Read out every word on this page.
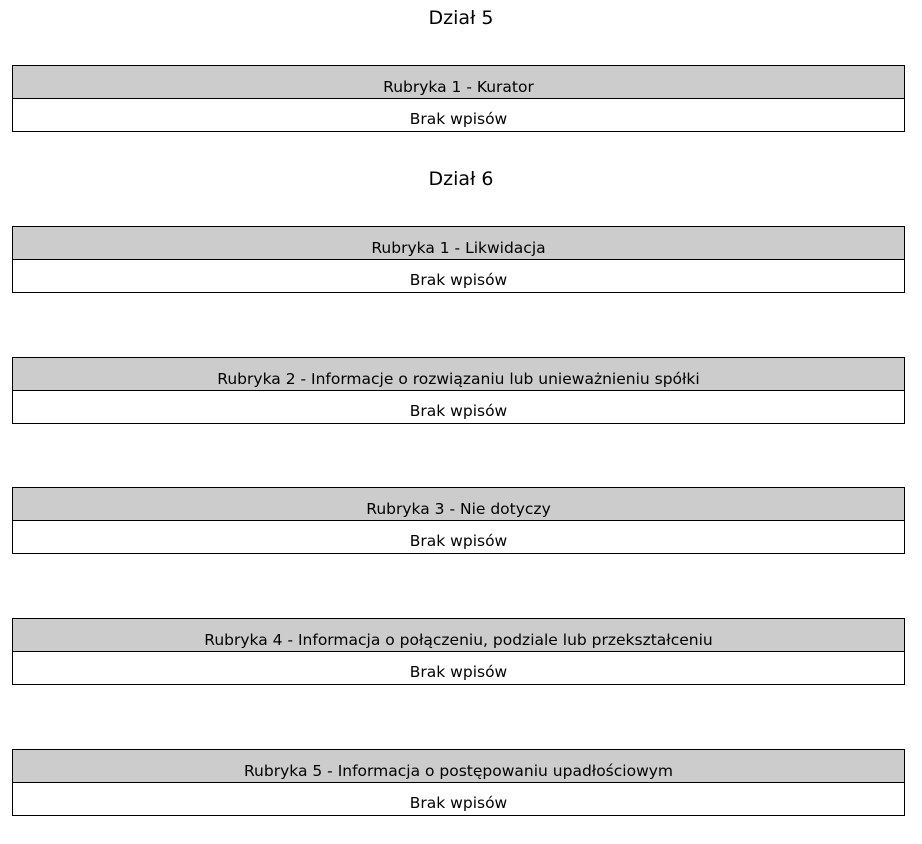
Dział 5
Rubryka 1 - Kurator
Brak wpisów
Dział 6
Rubryka 1 - Likwidacja
Brak wpisów
Rubryka 2 - Informacje o rozwiązaniu lub unieważnieniu spółki
Brak wpisów
Rubryka 3 - Nie dotyczy
Brak wpisów
Rubryka 4 - Informacja o połączeniu, podziale lub przekształceniu
Brak wpisów
Rubryka 5 - Informacja o postępowaniu upadłościowym
Brak wpisów
